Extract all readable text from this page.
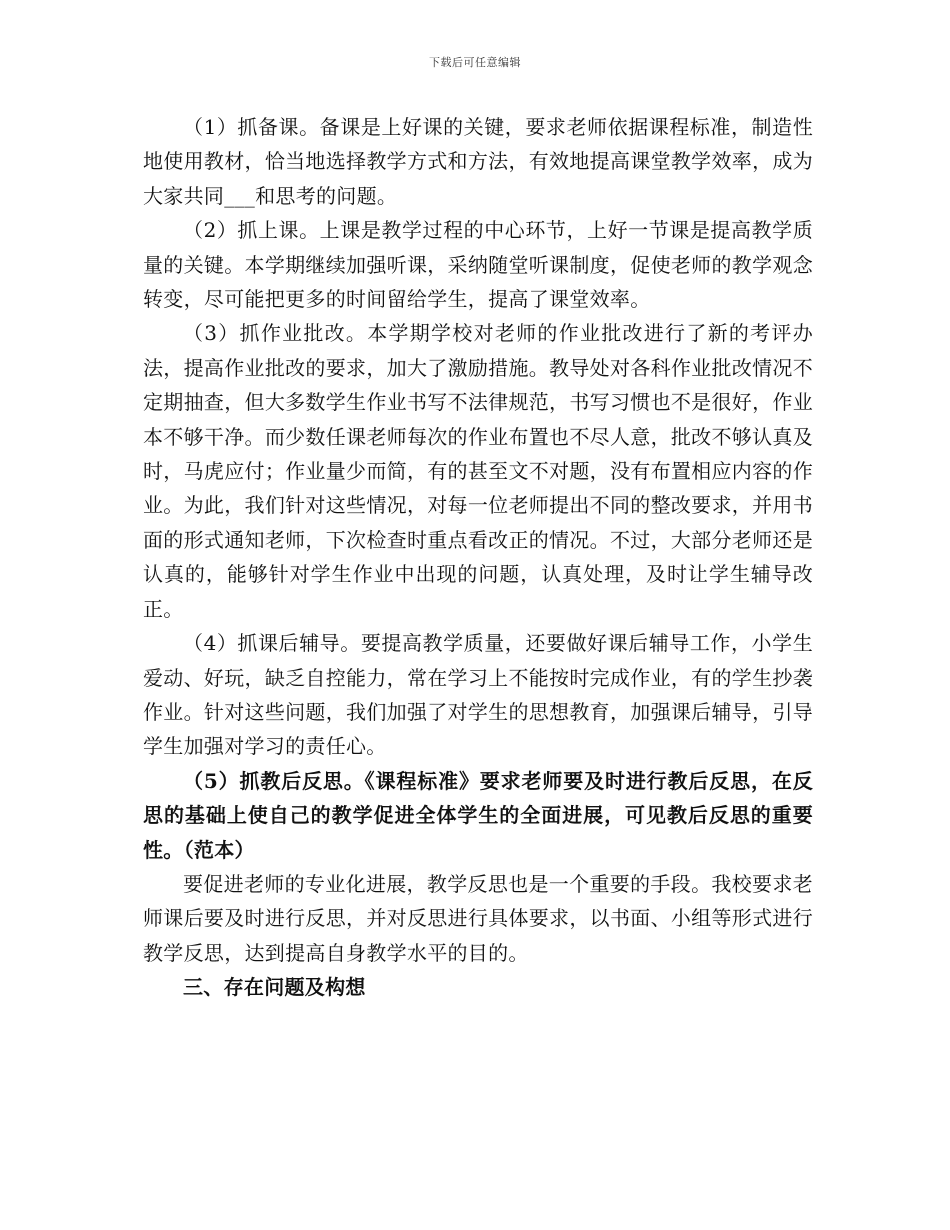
下载后可任意编辑

（1）抓备课。备课是上好课的关键，要求老师依据课程标准，制造性地使用教材，恰当地选择教学方式和方法，有效地提高课堂教学效率，成为大家共同___和思考的问题。

（2）抓上课。上课是教学过程的中心环节，上好一节课是提高教学质量的关键。本学期继续加强听课，采纳随堂听课制度，促使老师的教学观念转变，尽可能把更多的时间留给学生，提高了课堂效率。

（3）抓作业批改。本学期学校对老师的作业批改进行了新的考评办法，提高作业批改的要求，加大了激励措施。教导处对各科作业批改情况不定期抽查，但大多数学生作业书写不法律规范，书写习惯也不是很好，作业本不够干净。而少数任课老师每次的作业布置也不尽人意，批改不够认真及时，马虎应付；作业量少而简，有的甚至文不对题，没有布置相应内容的作业。为此，我们针对这些情况，对每一位老师提出不同的整改要求，并用书面的形式通知老师，下次检查时重点看改正的情况。不过，大部分老师还是认真的，能够针对学生作业中出现的问题，认真处理，及时让学生辅导改正。

（4）抓课后辅导。要提高教学质量，还要做好课后辅导工作，小学生爱动、好玩，缺乏自控能力，常在学习上不能按时完成作业，有的学生抄袭作业。针对这些问题，我们加强了对学生的思想教育，加强课后辅导，引导学生加强对学习的责任心。

（5）抓教后反思。《课程标准》要求老师要及时进行教后反思，在反思的基础上使自己的教学促进全体学生的全面进展，可见教后反思的重要性。（范本）

要促进老师的专业化进展，教学反思也是一个重要的手段。我校要求老师课后要及时进行反思，并对反思进行具体要求，以书面、小组等形式进行教学反思，达到提高自身教学水平的目的。

三、存在问题及构想
